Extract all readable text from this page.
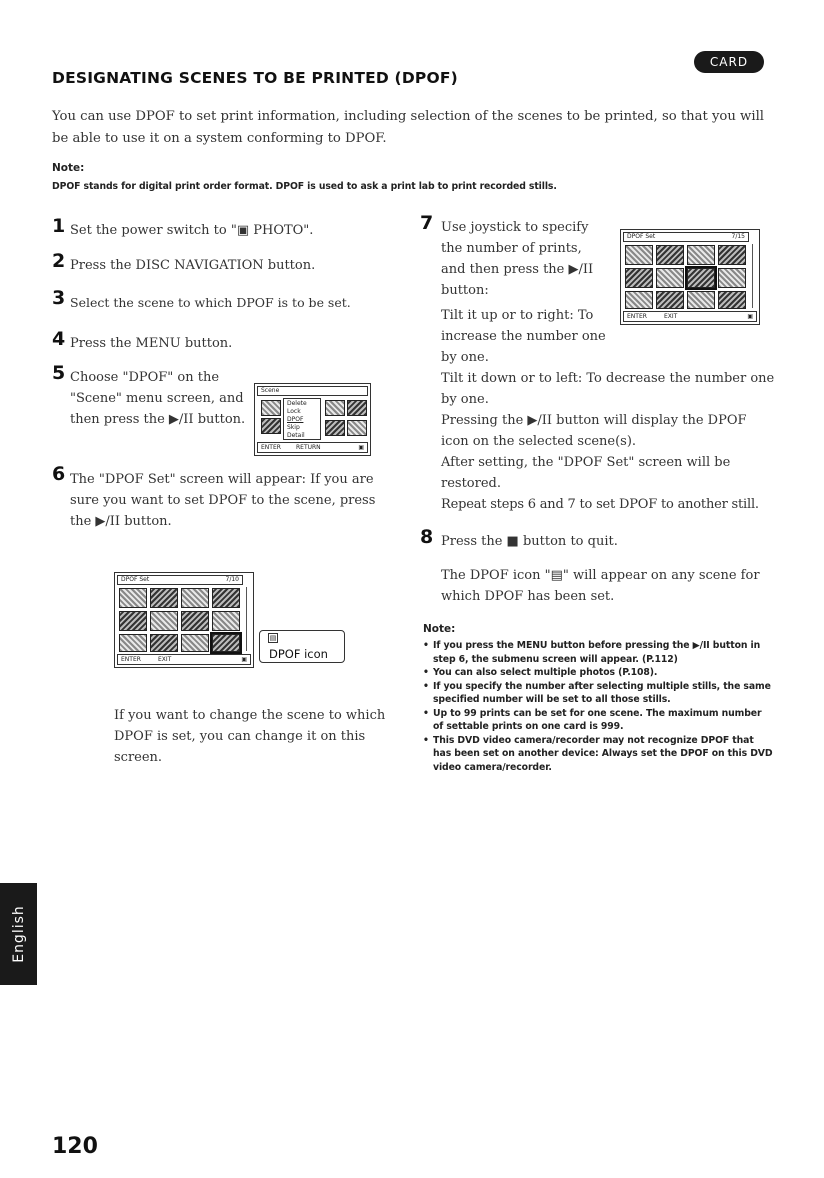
CARD
DESIGNATING SCENES TO BE PRINTED (DPOF)
You can use DPOF to set print information, including selection of the scenes to be printed, so that you will be able to use it on a system conforming to DPOF.
Note:
DPOF stands for digital print order format. DPOF is used to ask a print lab to print recorded stills.
1 Set the power switch to "▣ PHOTO".
2 Press the DISC NAVIGATION button.
3 Select the scene to which DPOF is to be set.
4 Press the MENU button.
5 Choose "DPOF" on the "Scene" menu screen, and then press the ▶/II button.
Scene
Delete
Lock
DPOF
Skip
Detail
ENTER	RETURN	▣
6 The "DPOF Set" screen will appear: If you are sure you want to set DPOF to the scene, press the ▶/II button.
DPOF Set	7/10
ENTER	EXIT	▣
▤
DPOF icon
If you want to change the scene to which DPOF is set, you can change it on this screen.
7 Use joystick to specify the number of prints, and then press the ▶/II button:
DPOF Set	7/15
ENTER	EXIT	▣
Tilt it up or to right: To increase the number one by one.
Tilt it down or to left: To decrease the number one by one.
Pressing the ▶/II button will display the DPOF icon on the selected scene(s).
After setting, the "DPOF Set" screen will be restored.
Repeat steps 6 and 7 to set DPOF to another still.
8 Press the ■ button to quit.
The DPOF icon "▤" will appear on any scene for which DPOF has been set.
Note:
• If you press the MENU button before pressing the ▶/II button in step 6, the submenu screen will appear. (P.112)
• You can also select multiple photos (P.108).
• If you specify the number after selecting multiple stills, the same specified number will be set to all those stills.
• Up to 99 prints can be set for one scene. The maximum number of settable prints on one card is 999.
• This DVD video camera/recorder may not recognize DPOF that has been set on another device: Always set the DPOF on this DVD video camera/recorder.
English
120
